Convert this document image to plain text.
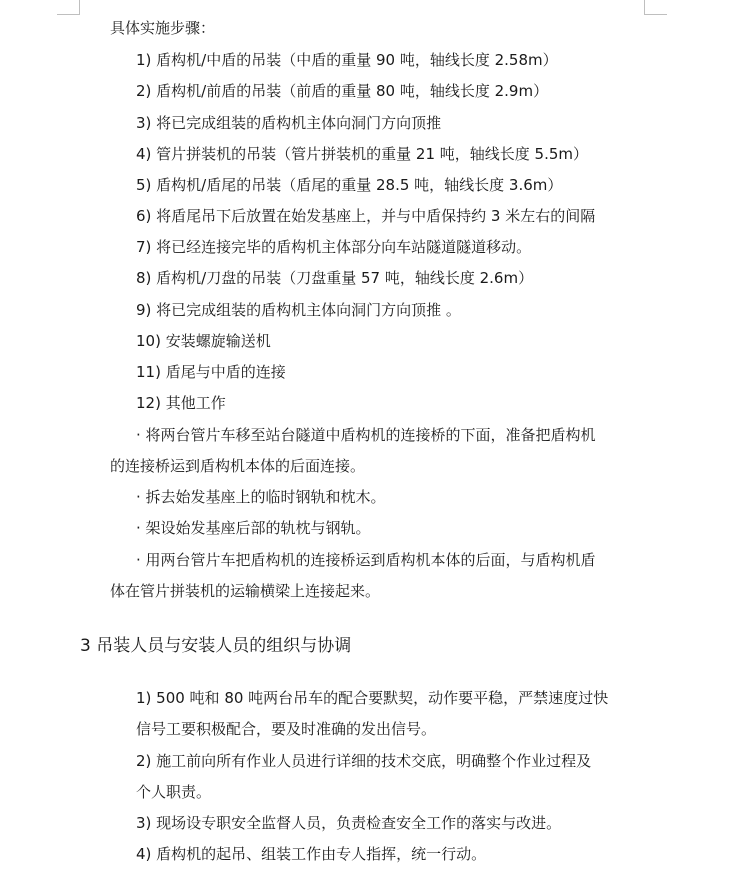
具体实施步骤：
1) 盾构机/中盾的吊装（中盾的重量 90 吨，轴线长度 2.58m）
2) 盾构机/前盾的吊装（前盾的重量 80 吨，轴线长度 2.9m）
3) 将已完成组装的盾构机主体向洞门方向顶推
4) 管片拼装机的吊装（管片拼装机的重量 21 吨，轴线长度 5.5m）
5) 盾构机/盾尾的吊装（盾尾的重量 28.5 吨，轴线长度 3.6m）
6) 将盾尾吊下后放置在始发基座上，并与中盾保持约 3 米左右的间隔
7) 将已经连接完毕的盾构机主体部分向车站隧道隧道移动。
8) 盾构机/刀盘的吊装（刀盘重量 57 吨，轴线长度 2.6m）
9) 将已完成组装的盾构机主体向洞门方向顶推 。
10) 安装螺旋输送机
11) 盾尾与中盾的连接
12) 其他工作
· 将两台管片车移至站台隧道中盾构机的连接桥的下面，准备把盾构机
的连接桥运到盾构机本体的后面连接。
· 拆去始发基座上的临时钢轨和枕木。
· 架设始发基座后部的轨枕与钢轨。
· 用两台管片车把盾构机的连接桥运到盾构机本体的后面，与盾构机盾
体在管片拼装机的运输横梁上连接起来。
3 吊装人员与安装人员的组织与协调
1) 500 吨和 80 吨两台吊车的配合要默契，动作要平稳，严禁速度过快
信号工要积极配合，要及时准确的发出信号。
2) 施工前向所有作业人员进行详细的技术交底，明确整个作业过程及
个人职责。
3) 现场设专职安全监督人员，负责检查安全工作的落实与改进。
4) 盾构机的起吊、组装工作由专人指挥，统一行动。
